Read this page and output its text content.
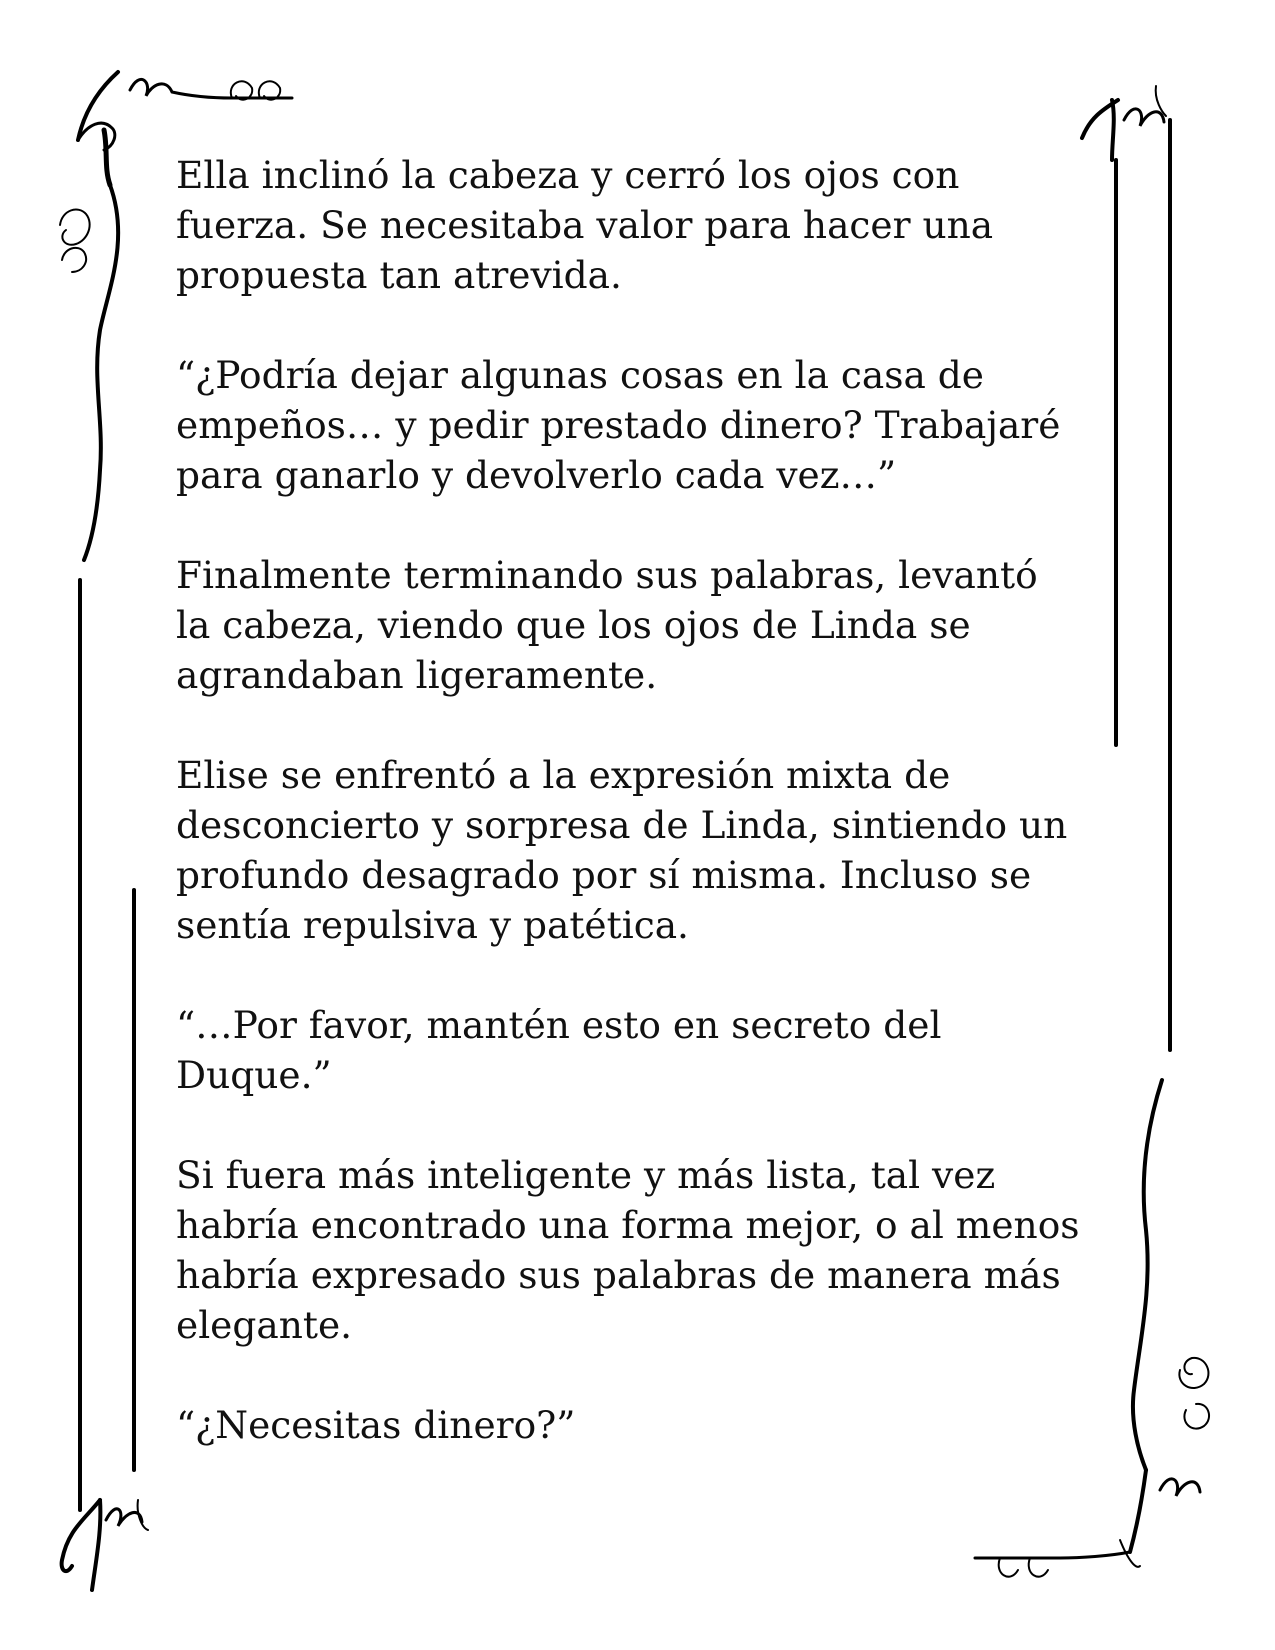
Ella inclinó la cabeza y cerró los ojos con
fuerza. Se necesitaba valor para hacer una
propuesta tan atrevida.

“¿Podría dejar algunas cosas en la casa de
empeños… y pedir prestado dinero? Trabajaré
para ganarlo y devolverlo cada vez…”

Finalmente terminando sus palabras, levantó
la cabeza, viendo que los ojos de Linda se
agrandaban ligeramente.

Elise se enfrentó a la expresión mixta de
desconcierto y sorpresa de Linda, sintiendo un
profundo desagrado por sí misma. Incluso se
sentía repulsiva y patética.

“…Por favor, mantén esto en secreto del
Duque.”

Si fuera más inteligente y más lista, tal vez
habría encontrado una forma mejor, o al menos
habría expresado sus palabras de manera más
elegante.

“¿Necesitas dinero?”
